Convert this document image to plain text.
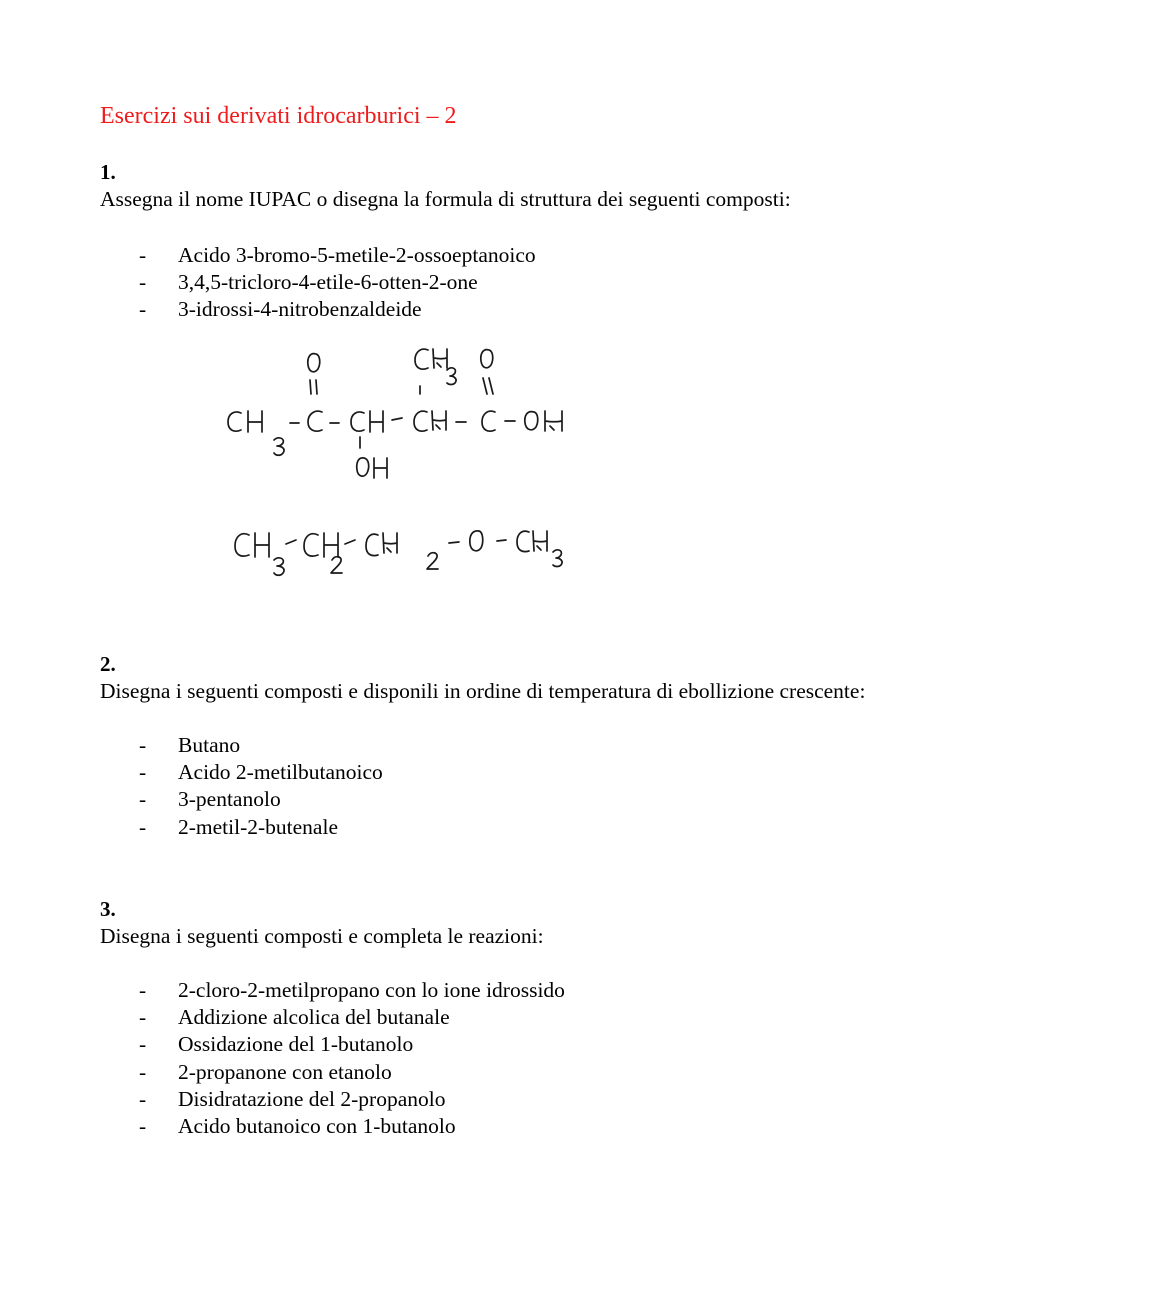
Esercizi sui derivati idrocarburici – 2
1.
Assegna il nome IUPAC o disegna la formula di struttura dei seguenti composti:
- Acido 3-bromo-5-metile-2-ossoeptanoico
- 3,4,5-tricloro-4-etile-6-otten-2-one
- 3-idrossi-4-nitrobenzaldeide
2.
Disegna i seguenti composti e disponili in ordine di temperatura di ebollizione crescente:
- Butano
- Acido 2-metilbutanoico
- 3-pentanolo
- 2-metil-2-butenale
3.
Disegna i seguenti composti e completa le reazioni:
- 2-cloro-2-metilpropano con lo ione idrossido
- Addizione alcolica del butanale
- Ossidazione del 1-butanolo
- 2-propanone con etanolo
- Disidratazione del 2-propanolo
- Acido butanoico con 1-butanolo
